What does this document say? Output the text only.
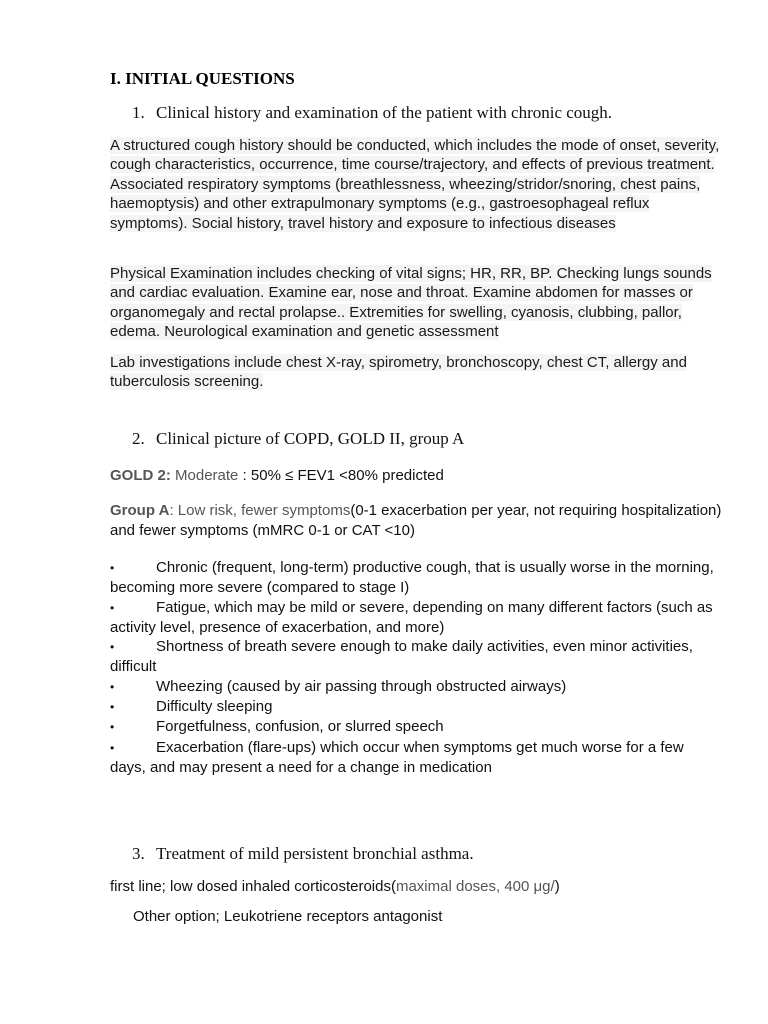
I. INITIAL QUESTIONS
1. Clinical history and examination of the patient with chronic cough.
A structured cough history should be conducted, which includes the mode of onset, severity, cough characteristics, occurrence, time course/trajectory, and effects of previous treatment. Associated respiratory symptoms (breathlessness, wheezing/stridor/snoring, chest pains, haemoptysis) and other extrapulmonary symptoms (e.g., gastroesophageal reflux symptoms). Social history, travel history and exposure to infectious diseases
Physical Examination includes checking of vital signs; HR, RR, BP. Checking lungs sounds and cardiac evaluation. Examine ear, nose and throat. Examine abdomen for masses or organomegaly and rectal prolapse.. Extremities for swelling, cyanosis, clubbing, pallor, edema. Neurological examination and genetic assessment
Lab investigations include chest X-ray, spirometry, bronchoscopy, chest CT, allergy and tuberculosis screening.
2. Clinical picture of COPD, GOLD II, group A
GOLD 2: Moderate : 50% ≤ FEV1 <80% predicted
Group A: Low risk, fewer symptoms(0-1 exacerbation per year, not requiring hospitalization) and fewer symptoms (mMRC 0-1 or CAT <10)
•	Chronic (frequent, long-term) productive cough, that is usually worse in the morning, becoming more severe (compared to stage I)
•	Fatigue, which may be mild or severe, depending on many different factors (such as activity level, presence of exacerbation, and more)
•	Shortness of breath severe enough to make daily activities, even minor activities, difficult
•	Wheezing (caused by air passing through obstructed airways)
•	Difficulty sleeping
•	Forgetfulness, confusion, or slurred speech
•	Exacerbation (flare-ups) which occur when symptoms get much worse for a few days, and may present a need for a change in medication
3. Treatment of mild persistent bronchial asthma.
first line; low dosed inhaled corticosteroids(maximal doses, 400 μg/)
Other option; Leukotriene receptors antagonist
